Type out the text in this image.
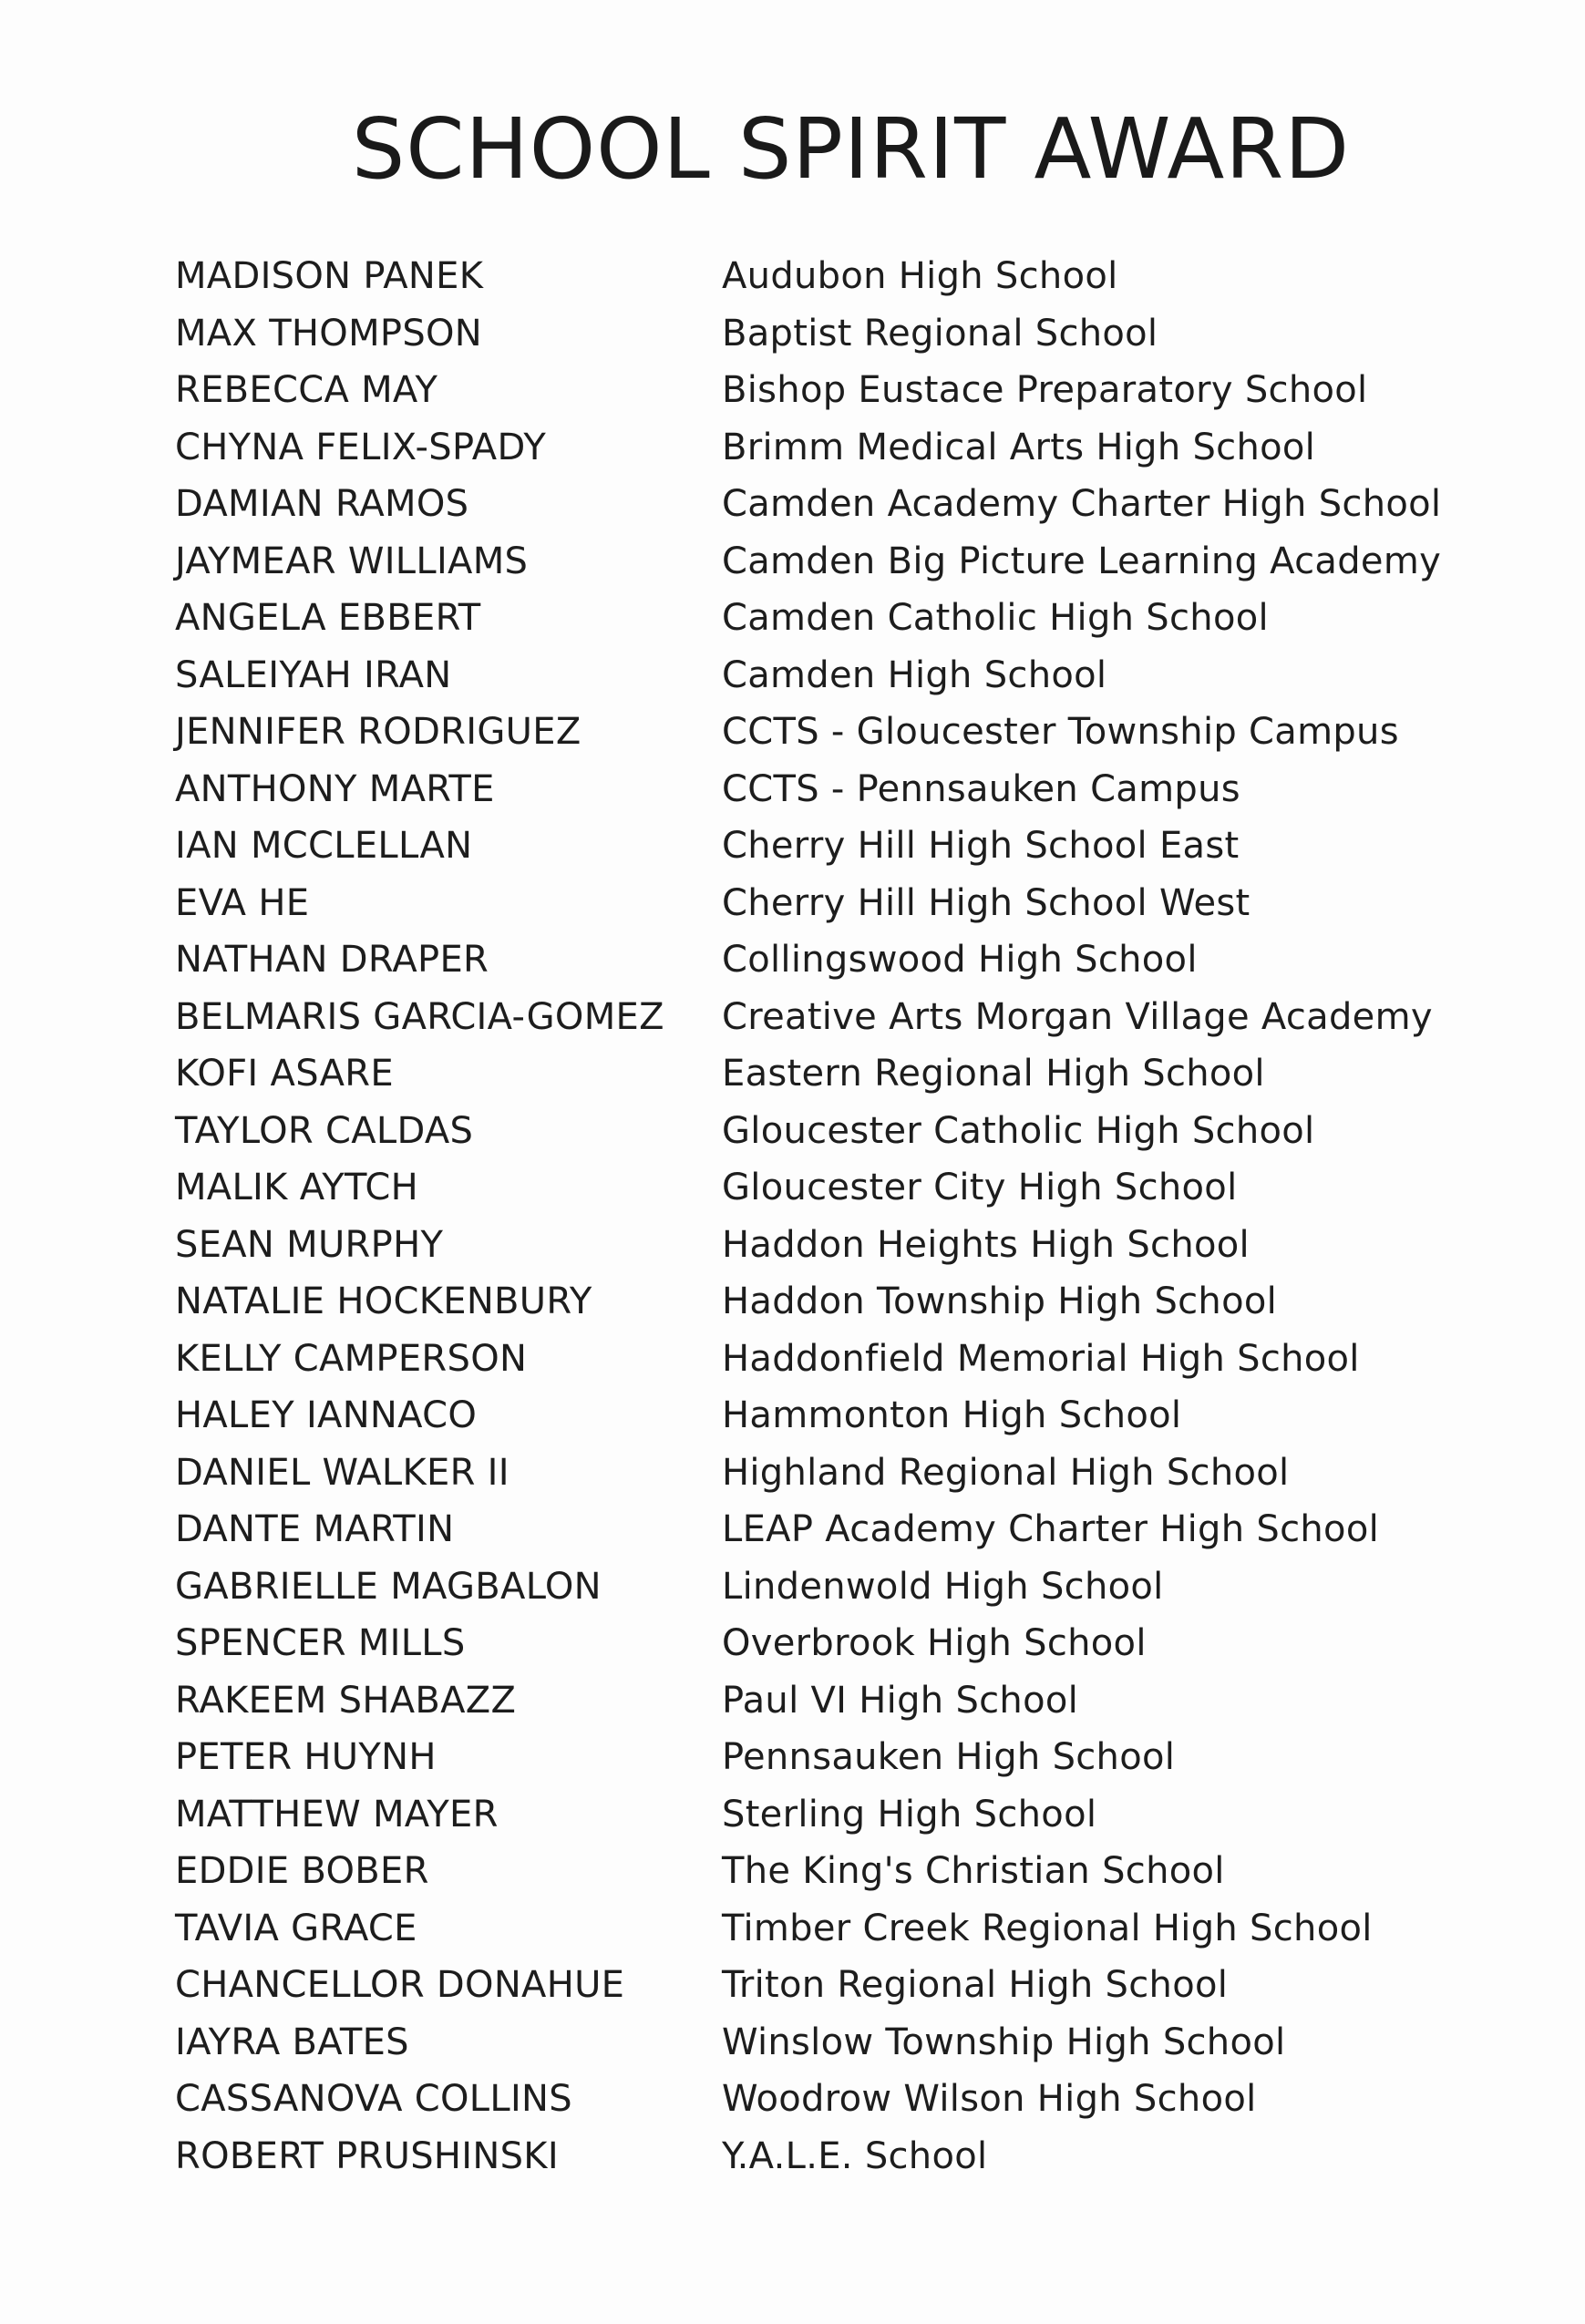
SCHOOL SPIRIT AWARD
MADISON PANEK	Audubon High School
MAX THOMPSON	Baptist Regional School
REBECCA MAY	Bishop Eustace Preparatory School
CHYNA FELIX-SPADY	Brimm Medical Arts High School
DAMIAN RAMOS	Camden Academy Charter High School
JAYMEAR WILLIAMS	Camden Big Picture Learning Academy
ANGELA EBBERT	Camden Catholic High School
SALEIYAH IRAN	Camden High School
JENNIFER RODRIGUEZ	CCTS - Gloucester Township Campus
ANTHONY MARTE	CCTS - Pennsauken Campus
IAN MCCLELLAN	Cherry Hill High School East
EVA HE	Cherry Hill High School West
NATHAN DRAPER	Collingswood High School
BELMARIS GARCIA-GOMEZ	Creative Arts Morgan Village Academy
KOFI ASARE	Eastern Regional High School
TAYLOR CALDAS	Gloucester Catholic High School
MALIK AYTCH	Gloucester City High School
SEAN MURPHY	Haddon Heights High School
NATALIE HOCKENBURY	Haddon Township High School
KELLY CAMPERSON	Haddonfield Memorial High School
HALEY IANNACO	Hammonton High School
DANIEL WALKER II	Highland Regional High School
DANTE MARTIN	LEAP Academy Charter High School
GABRIELLE MAGBALON	Lindenwold High School
SPENCER MILLS	Overbrook High School
RAKEEM SHABAZZ	Paul VI High School
PETER HUYNH	Pennsauken High School
MATTHEW MAYER	Sterling High School
EDDIE BOBER	The King's Christian School
TAVIA GRACE	Timber Creek Regional High School
CHANCELLOR DONAHUE	Triton Regional High School
IAYRA BATES	Winslow Township High School
CASSANOVA COLLINS	Woodrow Wilson High School
ROBERT PRUSHINSKI	Y.A.L.E. School
